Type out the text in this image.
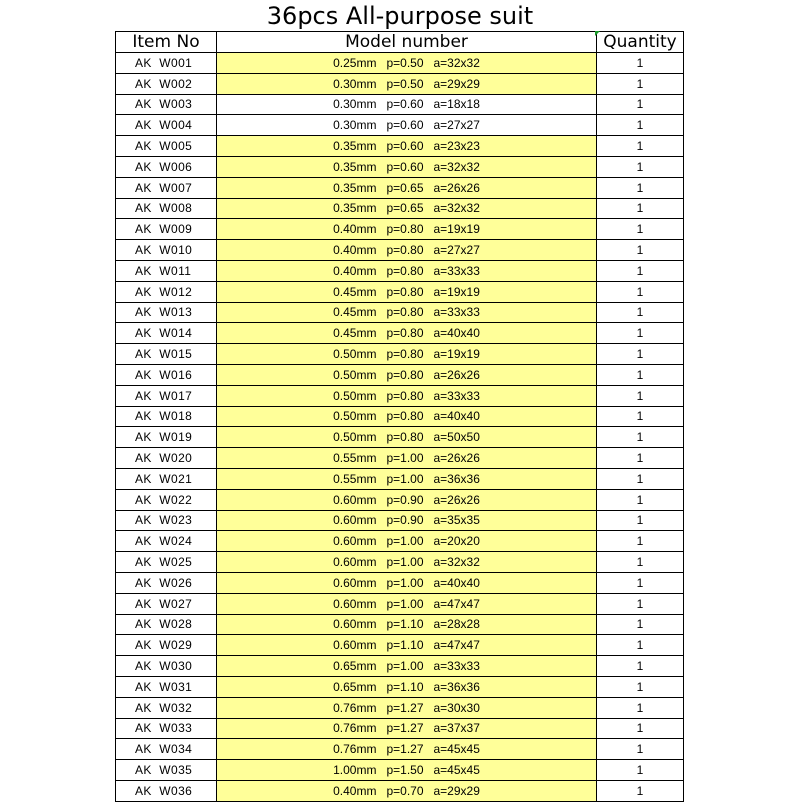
36pcs All-purpose suit
Item No	Model number	Quantity
AK  W001	0.25mm   p=0.50   a=32x32	1
AK  W002	0.30mm   p=0.50   a=29x29	1
AK  W003	0.30mm   p=0.60   a=18x18	1
AK  W004	0.30mm   p=0.60   a=27x27	1
AK  W005	0.35mm   p=0.60   a=23x23	1
AK  W006	0.35mm   p=0.60   a=32x32	1
AK  W007	0.35mm   p=0.65   a=26x26	1
AK  W008	0.35mm   p=0.65   a=32x32	1
AK  W009	0.40mm   p=0.80   a=19x19	1
AK  W010	0.40mm   p=0.80   a=27x27	1
AK  W011	0.40mm   p=0.80   a=33x33	1
AK  W012	0.45mm   p=0.80   a=19x19	1
AK  W013	0.45mm   p=0.80   a=33x33	1
AK  W014	0.45mm   p=0.80   a=40x40	1
AK  W015	0.50mm   p=0.80   a=19x19	1
AK  W016	0.50mm   p=0.80   a=26x26	1
AK  W017	0.50mm   p=0.80   a=33x33	1
AK  W018	0.50mm   p=0.80   a=40x40	1
AK  W019	0.50mm   p=0.80   a=50x50	1
AK  W020	0.55mm   p=1.00   a=26x26	1
AK  W021	0.55mm   p=1.00   a=36x36	1
AK  W022	0.60mm   p=0.90   a=26x26	1
AK  W023	0.60mm   p=0.90   a=35x35	1
AK  W024	0.60mm   p=1.00   a=20x20	1
AK  W025	0.60mm   p=1.00   a=32x32	1
AK  W026	0.60mm   p=1.00   a=40x40	1
AK  W027	0.60mm   p=1.00   a=47x47	1
AK  W028	0.60mm   p=1.10   a=28x28	1
AK  W029	0.60mm   p=1.10   a=47x47	1
AK  W030	0.65mm   p=1.00   a=33x33	1
AK  W031	0.65mm   p=1.10   a=36x36	1
AK  W032	0.76mm   p=1.27   a=30x30	1
AK  W033	0.76mm   p=1.27   a=37x37	1
AK  W034	0.76mm   p=1.27   a=45x45	1
AK  W035	1.00mm   p=1.50   a=45x45	1
AK  W036	0.40mm   p=0.70   a=29x29	1
